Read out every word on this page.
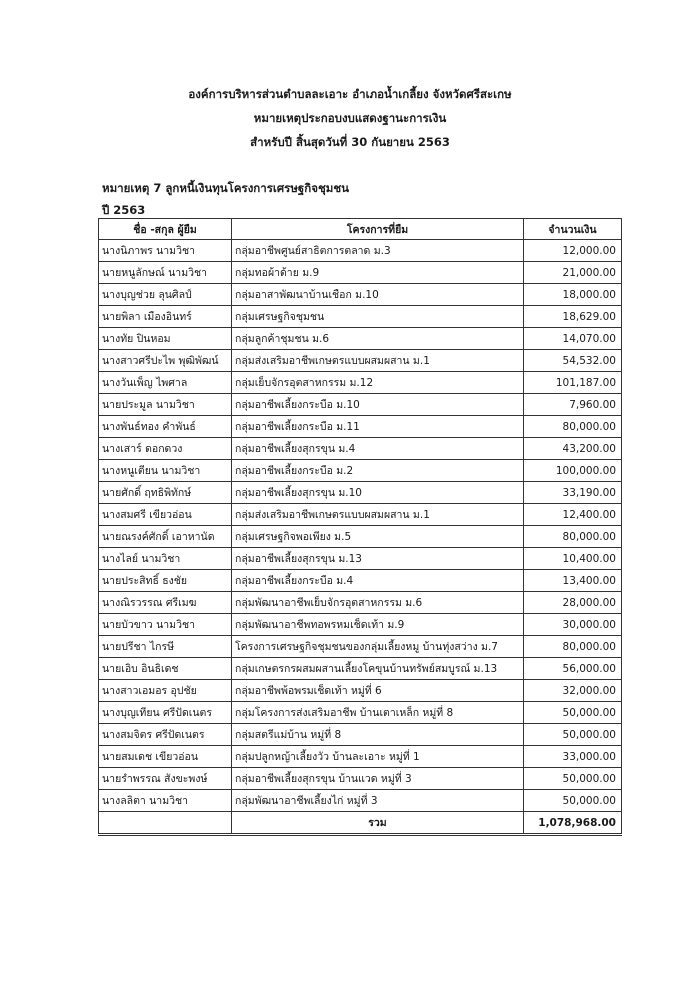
องค์การบริหารส่วนตำบลละเอาะ อำเภอน้ำเกลี้ยง จังหวัดศรีสะเกษ
หมายเหตุประกอบงบแสดงฐานะการเงิน
สำหรับปี สิ้นสุดวันที่ 30 กันยายน 2563
หมายเหตุ 7 ลูกหนี้เงินทุนโครงการเศรษฐกิจชุมชน
ปี 2563
ชื่อ -สกุล ผู้ยืม	โครงการที่ยืม	จำนวนเงิน
นางนิภาพร นามวิชา	กลุ่มอาชีพศูนย์สาธิตการตลาด ม.3	12,000.00
นายหนูลักษณ์ นามวิชา	กลุ่มทอผ้าด้าย ม.9	21,000.00
นางบุญช่วย ลุนศิลป์	กลุ่มอาสาพัฒนาบ้านเชือก ม.10	18,000.00
นายพิลา เมืองอินทร์	กลุ่มเศรษฐกิจชุมชน	18,629.00
นางทัย ปินหอม	กลุ่มลูกค้าชุมชน ม.6	14,070.00
นางสาวศรีปะไพ พุฒิพัฒน์	กลุ่มส่งเสริมอาชีพเกษตรแบบผสมผสาน ม.1	54,532.00
นางวันเพ็ญ ไพศาล	กลุ่มเย็บจักรอุตสาหกรรม ม.12	101,187.00
นายประมูล นามวิชา	กลุ่มอาชีพเลี้ยงกระบือ ม.10	7,960.00
นางพันธ์ทอง คำพันธ์	กลุ่มอาชีพเลี้ยงกระบือ ม.11	80,000.00
นางเสาร์ ดอกดวง	กลุ่มอาชีพเลี้ยงสุกรขุน ม.4	43,200.00
นางหนูเตียน นามวิชา	กลุ่มอาชีพเลี้ยงกระบือ ม.2	100,000.00
นายศักดิ์ ฤทธิพิทักษ์	กลุ่มอาชีพเลี้ยงสุกรขุน ม.10	33,190.00
นางสมศรี เขียวอ่อน	กลุ่มส่งเสริมอาชีพเกษตรแบบผสมผสาน ม.1	12,400.00
นายณรงค์ศักดิ์ เอาหานัด	กลุ่มเศรษฐกิจพอเพียง ม.5	80,000.00
นางไลย์ นามวิชา	กลุ่มอาชีพเลี้ยงสุกรขุน ม.13	10,400.00
นายประสิทธิ์ ธงชัย	กลุ่มอาชีพเลี้ยงกระบือ ม.4	13,400.00
นางณิรวรรณ ศรีเมฆ	กลุ่มพัฒนาอาชีพเย็บจักรอุตสาหกรรม ม.6	28,000.00
นายบัวขาว นามวิชา	กลุ่มพัฒนาอาชีพทอพรหมเช็ดเท้า ม.9	30,000.00
นายปรีชา ไกรษี	โครงการเศรษฐกิจชุมชนของกลุ่มเลี้ยงหมู บ้านทุ่งสว่าง ม.7	80,000.00
นายเอิบ อินธิเดช	กลุ่มเกษตรกรผสมผสานเลี้ยงโคขุนบ้านทรัพย์สมบูรณ์ ม.13	56,000.00
นางสาวเอมอร อุปชัย	กลุ่มอาชีพพ้อพรมเช็ดเท้า หมู่ที่ 6	32,000.00
นางบุญเทียน ศรีปัดเนตร	กลุ่มโครงการส่งเสริมอาชีพ บ้านเตาเหล็ก หมู่ที่ 8	50,000.00
นางสมจิตร ศรีปัดเนตร	กลุ่มสตรีแม่บ้าน หมู่ที่ 8	50,000.00
นายสมเดช เขียวอ่อน	กลุ่มปลูกหญ้าเลี้ยงวัว บ้านละเอาะ หมู่ที่ 1	33,000.00
นายรำพรรณ สังขะพงษ์	กลุ่มอาชีพเลี้ยงสุกรขุน บ้านแวด หมู่ที่ 3	50,000.00
นางลลิตา นามวิชา	กลุ่มพัฒนาอาชีพเลี้ยงไก่ หมู่ที่ 3	50,000.00
	รวม	1,078,968.00
